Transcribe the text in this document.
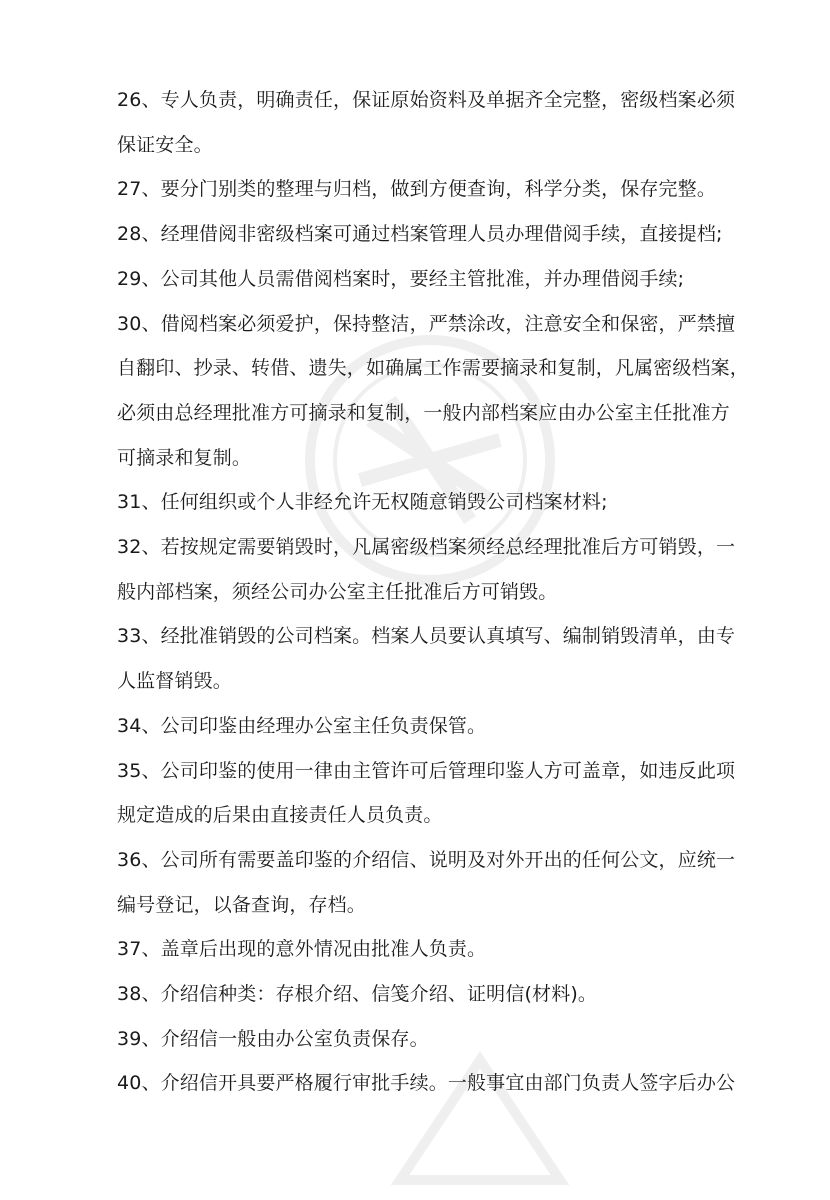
26、专人负责，明确责任，保证原始资料及单据齐全完整，密级档案必须

保证安全。

27、要分门别类的整理与归档，做到方便查询，科学分类，保存完整。

28、经理借阅非密级档案可通过档案管理人员办理借阅手续，直接提档;

29、公司其他人员需借阅档案时，要经主管批准，并办理借阅手续;

30、借阅档案必须爱护，保持整洁，严禁涂改，注意安全和保密，严禁擅

自翻印、抄录、转借、遗失，如确属工作需要摘录和复制，凡属密级档案，

必须由总经理批准方可摘录和复制，一般内部档案应由办公室主任批准方

可摘录和复制。

31、任何组织或个人非经允许无权随意销毁公司档案材料;

32、若按规定需要销毁时，凡属密级档案须经总经理批准后方可销毁，一

般内部档案，须经公司办公室主任批准后方可销毁。

33、经批准销毁的公司档案。档案人员要认真填写、编制销毁清单，由专

人监督销毁。

34、公司印鉴由经理办公室主任负责保管。

35、公司印鉴的使用一律由主管许可后管理印鉴人方可盖章，如违反此项

规定造成的后果由直接责任人员负责。

36、公司所有需要盖印鉴的介绍信、说明及对外开出的任何公文，应统一

编号登记，以备查询，存档。

37、盖章后出现的意外情况由批准人负责。

38、介绍信种类：存根介绍、信笺介绍、证明信(材料)。

39、介绍信一般由办公室负责保存。

40、介绍信开具要严格履行审批手续。一般事宜由部门负责人签字后办公
